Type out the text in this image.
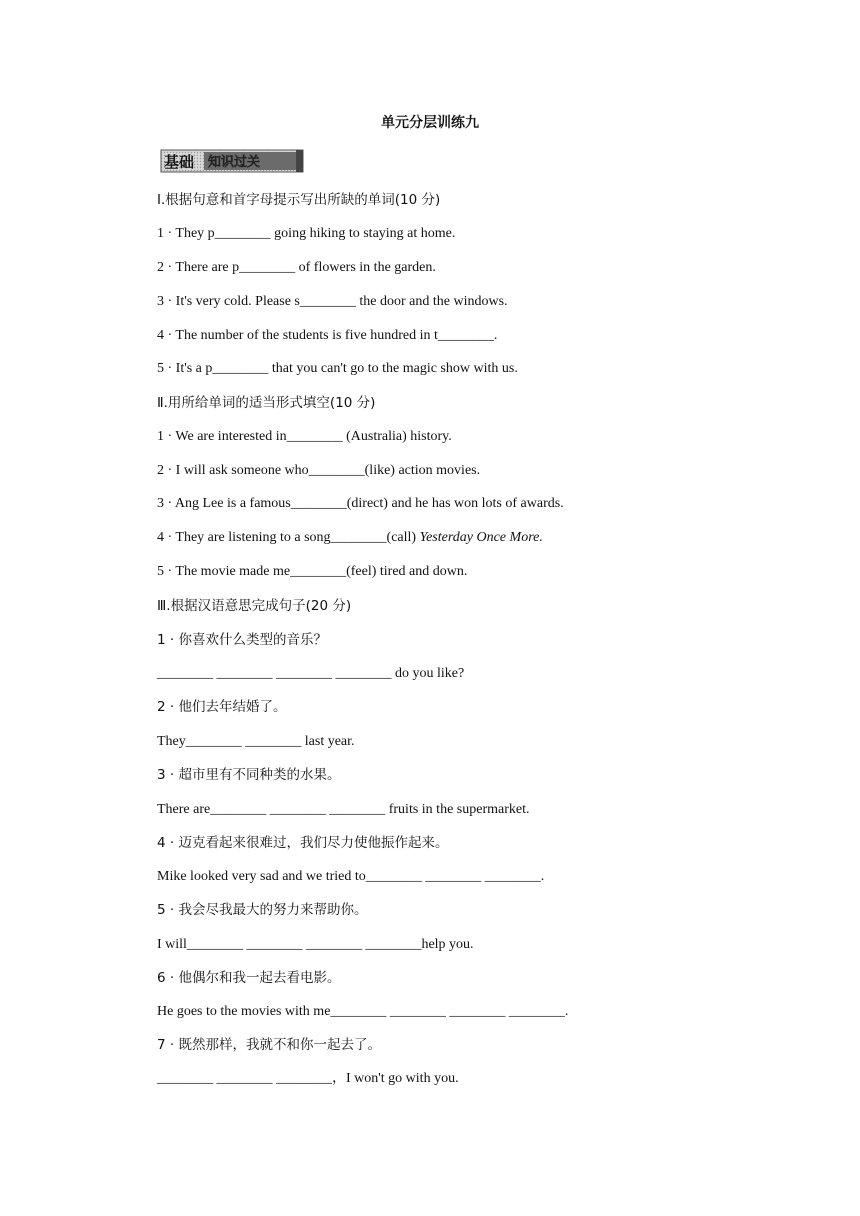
单元分层训练九
基础 知识过关
Ⅰ.根据句意和首字母提示写出所缺的单词(10 分)
1 · They p________ going hiking to staying at home.
2 · There are p________ of flowers in the garden.
3 · It's very cold. Please s________ the door and the windows.
4 · The number of the students is five hundred in t________.
5 · It's a p________ that you can't go to the magic show with us.
Ⅱ.用所给单词的适当形式填空(10 分)
1 · We are interested in________ (Australia) history.
2 · I will ask someone who________(like) action movies.
3 · Ang Lee is a famous________(direct) and he has won lots of awards.
4 · They are listening to a song________(call) Yesterday Once More.
5 · The movie made me________(feel) tired and down.
Ⅲ.根据汉语意思完成句子(20 分)
1 · 你喜欢什么类型的音乐？
________ ________ ________ ________ do you like?
2 · 他们去年结婚了。
They________ ________ last year.
3 · 超市里有不同种类的水果。
There are________ ________ ________ fruits in the supermarket.
4 · 迈克看起来很难过，我们尽力使他振作起来。
Mike looked very sad and we tried to________ ________ ________.
5 · 我会尽我最大的努力来帮助你。
I will________ ________ ________ ________help you.
6 · 他偶尔和我一起去看电影。
He goes to the movies with me________ ________ ________ ________.
7 · 既然那样，我就不和你一起去了。
________ ________ ________，I won't go with you.
